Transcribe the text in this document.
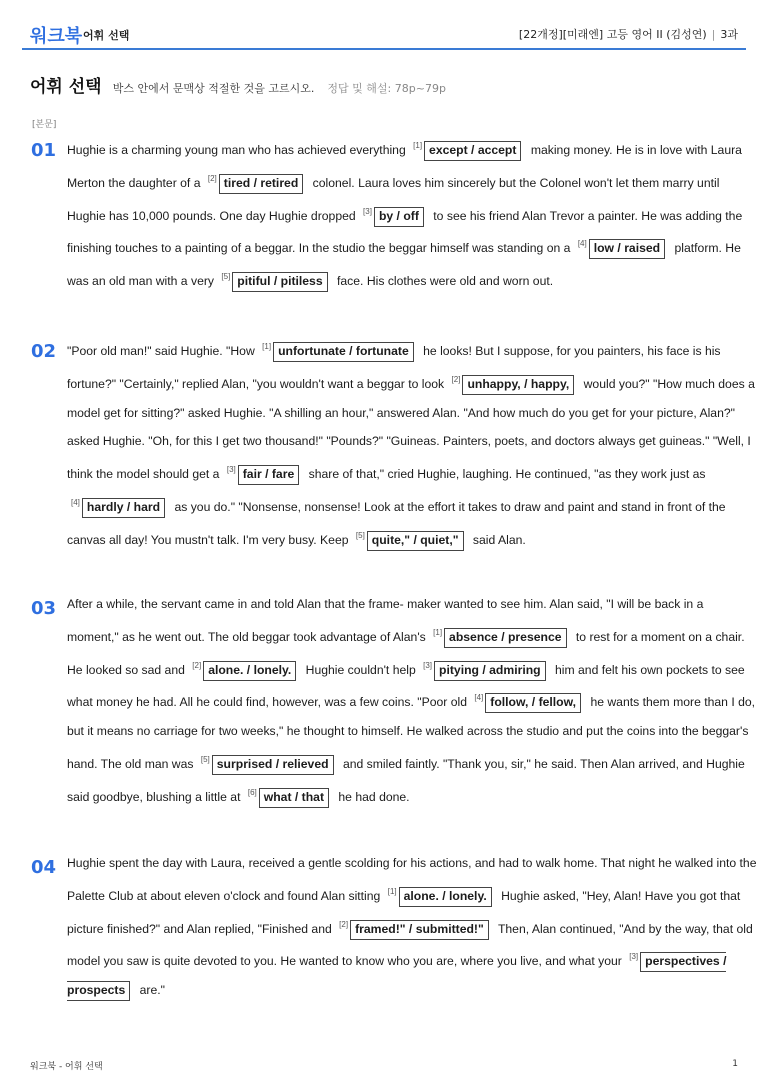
워크북 어휘 선택	[22개정][미래엔] 고등 영어 II (김성연) | 3과
어휘 선택 박스 안에서 문맥상 적절한 것을 고르시오. 정답 및 해설: 78p~79p
[본문]
01 Hughie is a charming young man who has achieved everything [1] except / accept making money. He is in love with Laura Merton the daughter of a [2] tired / retired colonel. Laura loves him sincerely but the Colonel won't let them marry until Hughie has 10,000 pounds. One day Hughie dropped [3] by / off to see his friend Alan Trevor a painter. He was adding the finishing touches to a painting of a beggar. In the studio the beggar himself was standing on a [4] low / raised platform. He was an old man with a very [5] pitiful / pitiless face. His clothes were old and worn out.
02 "Poor old man!" said Hughie. "How [1] unfortunate / fortunate he looks! But I suppose, for you painters, his face is his fortune?" "Certainly," replied Alan, "you wouldn't want a beggar to look [2] unhappy, / happy, would you?" "How much does a model get for sitting?" asked Hughie. "A shilling an hour," answered Alan. "And how much do you get for your picture, Alan?" asked Hughie. "Oh, for this I get two thousand!" "Pounds?" "Guineas. Painters, poets, and doctors always get guineas." "Well, I think the model should get a [3] fair / fare share of that," cried Hughie, laughing. He continued, "as they work just as [4] hardly / hard as you do." "Nonsense, nonsense! Look at the effort it takes to draw and paint and stand in front of the canvas all day! You mustn't talk. I'm very busy. Keep [5] quite," / quiet," said Alan.
03 After a while, the servant came in and told Alan that the frame- maker wanted to see him. Alan said, "I will be back in a moment," as he went out. The old beggar took advantage of Alan's [1] absence / presence to rest for a moment on a chair. He looked so sad and [2] alone. / lonely. Hughie couldn't help [3] pitying / admiring him and felt his own pockets to see what money he had. All he could find, however, was a few coins. "Poor old [4] follow, / fellow, he wants them more than I do, but it means no carriage for two weeks," he thought to himself. He walked across the studio and put the coins into the beggar's hand. The old man was [5] surprised / relieved and smiled faintly. "Thank you, sir," he said. Then Alan arrived, and Hughie said goodbye, blushing a little at [6] what / that he had done.
04 Hughie spent the day with Laura, received a gentle scolding for his actions, and had to walk home. That night he walked into the Palette Club at about eleven o'clock and found Alan sitting [1] alone. / lonely. Hughie asked, "Hey, Alan! Have you got that picture finished?" and Alan replied, "Finished and [2] framed!" / submitted!" Then, Alan continued, "And by the way, that old model you saw is quite devoted to you. He wanted to know who you are, where you live, and what your [3] perspectives / prospects are."
워크북 - 어휘 선택	1
